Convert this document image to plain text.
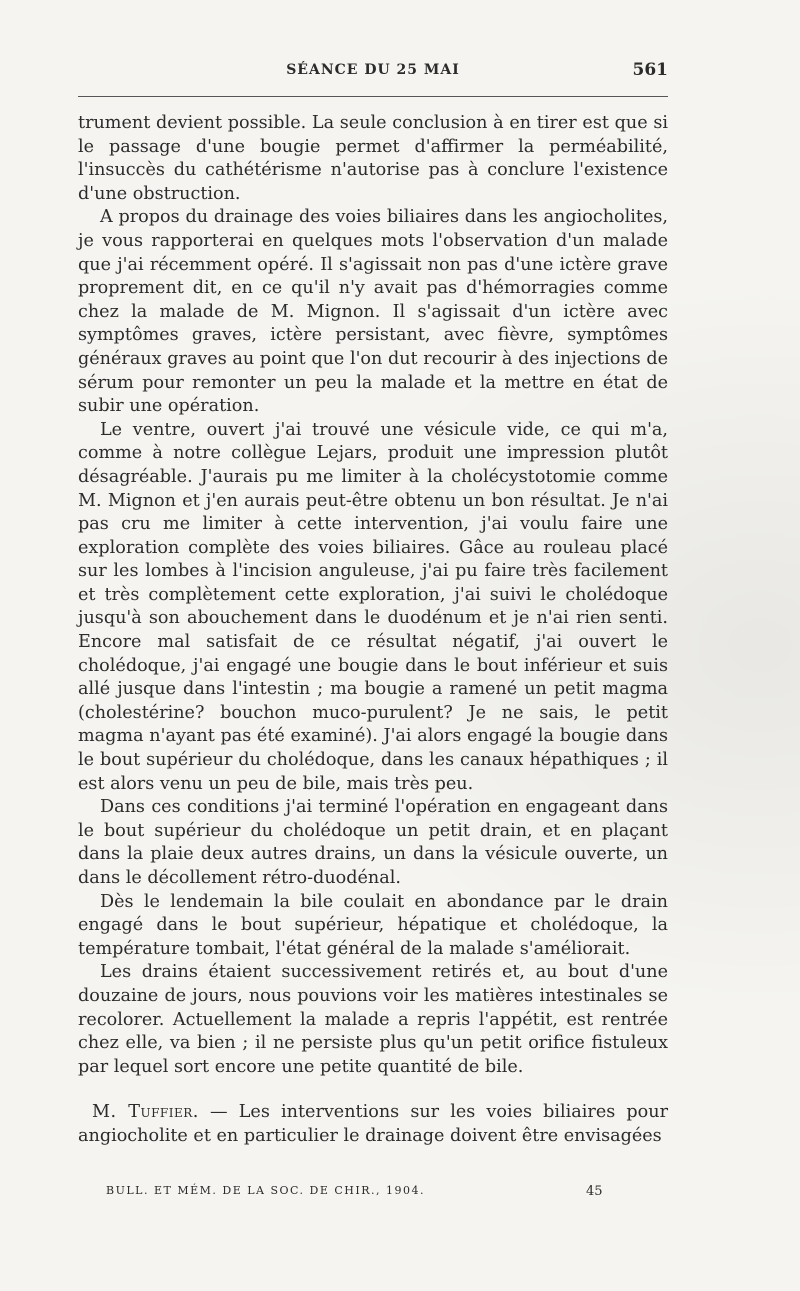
SÉANCE DU 25 MAI	561

trument devient possible. La seule conclusion à en tirer est que si le passage d'une bougie permet d'affirmer la perméabilité, l'insuccès du cathétérisme n'autorise pas à conclure l'existence d'une obstruction.

A propos du drainage des voies biliaires dans les angiocholites, je vous rapporterai en quelques mots l'observation d'un malade que j'ai récemment opéré. Il s'agissait non pas d'une ictère grave proprement dit, en ce qu'il n'y avait pas d'hémorragies comme chez la malade de M. Mignon. Il s'agissait d'un ictère avec symptômes graves, ictère persistant, avec fièvre, symptômes généraux graves au point que l'on dut recourir à des injections de sérum pour remonter un peu la malade et la mettre en état de subir une opération.

Le ventre, ouvert j'ai trouvé une vésicule vide, ce qui m'a, comme à notre collègue Lejars, produit une impression plutôt désagréable. J'aurais pu me limiter à la cholécystotomie comme M. Mignon et j'en aurais peut-être obtenu un bon résultat. Je n'ai pas cru me limiter à cette intervention, j'ai voulu faire une exploration complète des voies biliaires. Gâce au rouleau placé sur les lombes à l'incision anguleuse, j'ai pu faire très facilement et très complètement cette exploration, j'ai suivi le cholédoque jusqu'à son abouchement dans le duodénum et je n'ai rien senti. Encore mal satisfait de ce résultat négatif, j'ai ouvert le cholédoque, j'ai engagé une bougie dans le bout inférieur et suis allé jusque dans l'intestin ; ma bougie a ramené un petit magma (cholestérine? bouchon muco-purulent? Je ne sais, le petit magma n'ayant pas été examiné). J'ai alors engagé la bougie dans le bout supérieur du cholédoque, dans les canaux hépathiques ; il est alors venu un peu de bile, mais très peu.

Dans ces conditions j'ai terminé l'opération en engageant dans le bout supérieur du cholédoque un petit drain, et en plaçant dans la plaie deux autres drains, un dans la vésicule ouverte, un dans le décollement rétro-duodénal.

Dès le lendemain la bile coulait en abondance par le drain engagé dans le bout supérieur, hépatique et cholédoque, la température tombait, l'état général de la malade s'améliorait.

Les drains étaient successivement retirés et, au bout d'une douzaine de jours, nous pouvions voir les matières intestinales se recolorer. Actuellement la malade a repris l'appétit, est rentrée chez elle, va bien ; il ne persiste plus qu'un petit orifice fistuleux par lequel sort encore une petite quantité de bile.

M. Tuffier. — Les interventions sur les voies biliaires pour angiocholite et en particulier le drainage doivent être envisagées

BULL. ET MÉM. DE LA SOC. DE CHIR., 1904.	45
